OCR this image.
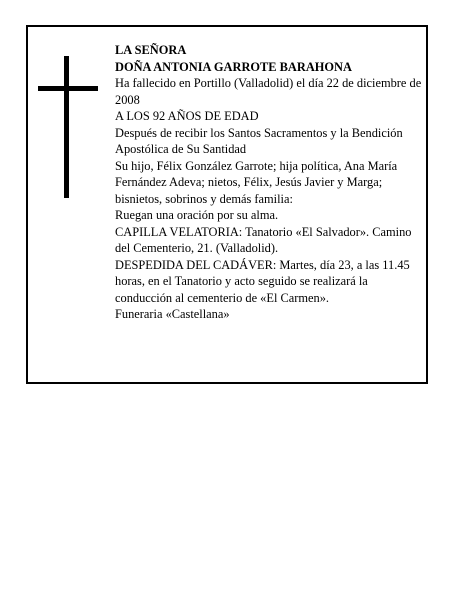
LA SEÑORA

DOÑA ANTONIA GARROTE BARAHONA

Ha fallecido en Portillo (Valladolid) el día 22 de diciembre de 2008

A LOS 92 AÑOS DE EDAD

Después de recibir los Santos Sacramentos y la Bendición Apostólica de Su Santidad

Su hijo, Félix González Garrote; hija política, Ana María Fernández Adeva; nietos, Félix, Jesús Javier y Marga; bisnietos, sobrinos y demás familia:

Ruegan una oración por su alma.

CAPILLA VELATORIA: Tanatorio «El Salvador». Camino del Cementerio, 21. (Valladolid).

DESPEDIDA DEL CADÁVER: Martes, día 23, a las 11.45 horas, en el Tanatorio y acto seguido se realizará la conducción al cementerio de «El Carmen».

Funeraria «Castellana»
